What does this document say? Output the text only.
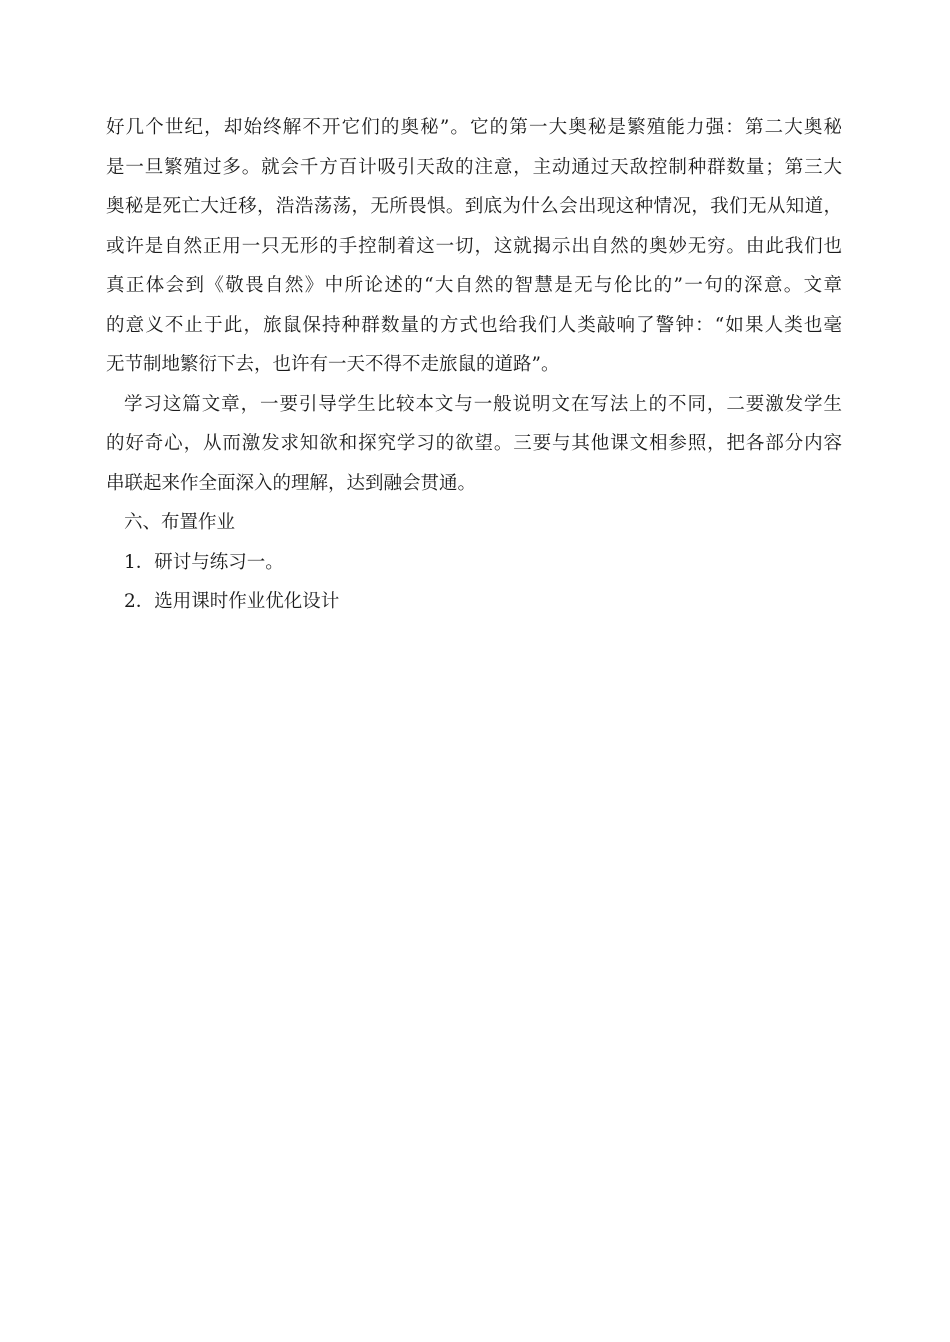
好几个世纪，却始终解不开它们的奥秘”。它的第一大奥秘是繁殖能力强：第二大奥秘
是一旦繁殖过多。就会千方百计吸引天敌的注意，主动通过天敌控制种群数量；第三大
奥秘是死亡大迁移，浩浩荡荡，无所畏惧。到底为什么会出现这种情况，我们无从知道，
或许是自然正用一只无形的手控制着这一切，这就揭示出自然的奥妙无穷。由此我们也
真正体会到《敬畏自然》中所论述的“大自然的智慧是无与伦比的”一句的深意。文章
的意义不止于此，旅鼠保持种群数量的方式也给我们人类敲响了警钟：“如果人类也毫
无节制地繁衍下去，也许有一天不得不走旅鼠的道路”。
学习这篇文章，一要引导学生比较本文与一般说明文在写法上的不同，二要激发学生
的好奇心，从而激发求知欲和探究学习的欲望。三要与其他课文相参照，把各部分内容
串联起来作全面深入的理解，达到融会贯通。
六、布置作业
1．研讨与练习一。
2．选用课时作业优化设计
